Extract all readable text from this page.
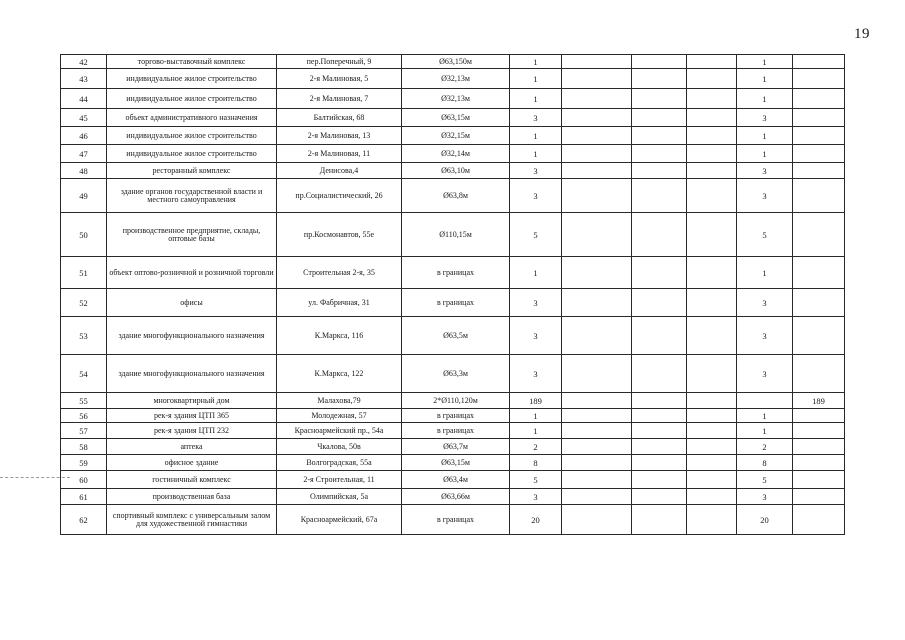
19
42	торгово-выставочный комплекс	пер.Поперечный, 9	Ø63,150м	1				1	
43	индивидуальное жилое строительство	2-я Малиновая, 5	Ø32,13м	1				1	
44	индивидуальное жилое строительство	2-я Малиновая, 7	Ø32,13м	1				1	
45	объект административного назначения	Балтийская, 68	Ø63,15м	3				3	
46	индивидуальное жилое строительство	2-я Малиновая, 13	Ø32,15м	1				1	
47	индивидуальное жилое строительство	2-я Малиновая, 11	Ø32,14м	1				1	
48	ресторанный комплекс	Денисова,4	Ø63,10м	3				3	
49	здание органов государственной власти и местного самоуправления	пр.Социалистический, 26	Ø63,8м	3				3	
50	производственное предприятие, склады, оптовые базы	пр.Космонавтов, 55е	Ø110,15м	5				5	
51	объект оптово-розничной и розничной торговли	Строительная 2-я, 35	в границах	1				1	
52	офисы	ул. Фабричная, 31	в границах	3				3	
53	здание многофункционального назначения	К.Маркса, 116	Ø63,5м	3				3	
54	здание многофункционального назначения	К.Маркса, 122	Ø63,3м	3				3	
55	многоквартирный дом	Малахова,79	2*Ø110,120м	189					189
56	рек-я здания ЦТП 365	Молодежная, 57	в границах	1				1	
57	рек-я здания ЦТП 232	Красноармейский пр., 54а	в границах	1				1	
58	аптека	Чкалова, 50в	Ø63,7м	2				2	
59	офисное здание	Волгоградская, 55а	Ø63,15м	8				8	
60	гостиничный комплекс	2-я Строительная, 11	Ø63,4м	5				5	
61	производственная база	Олимпийская, 5а	Ø63,66м	3				3	
62	спортивный комплекс с универсальным залом для художественной гимнастики	Красноармейский, 67а	в границах	20				20	
